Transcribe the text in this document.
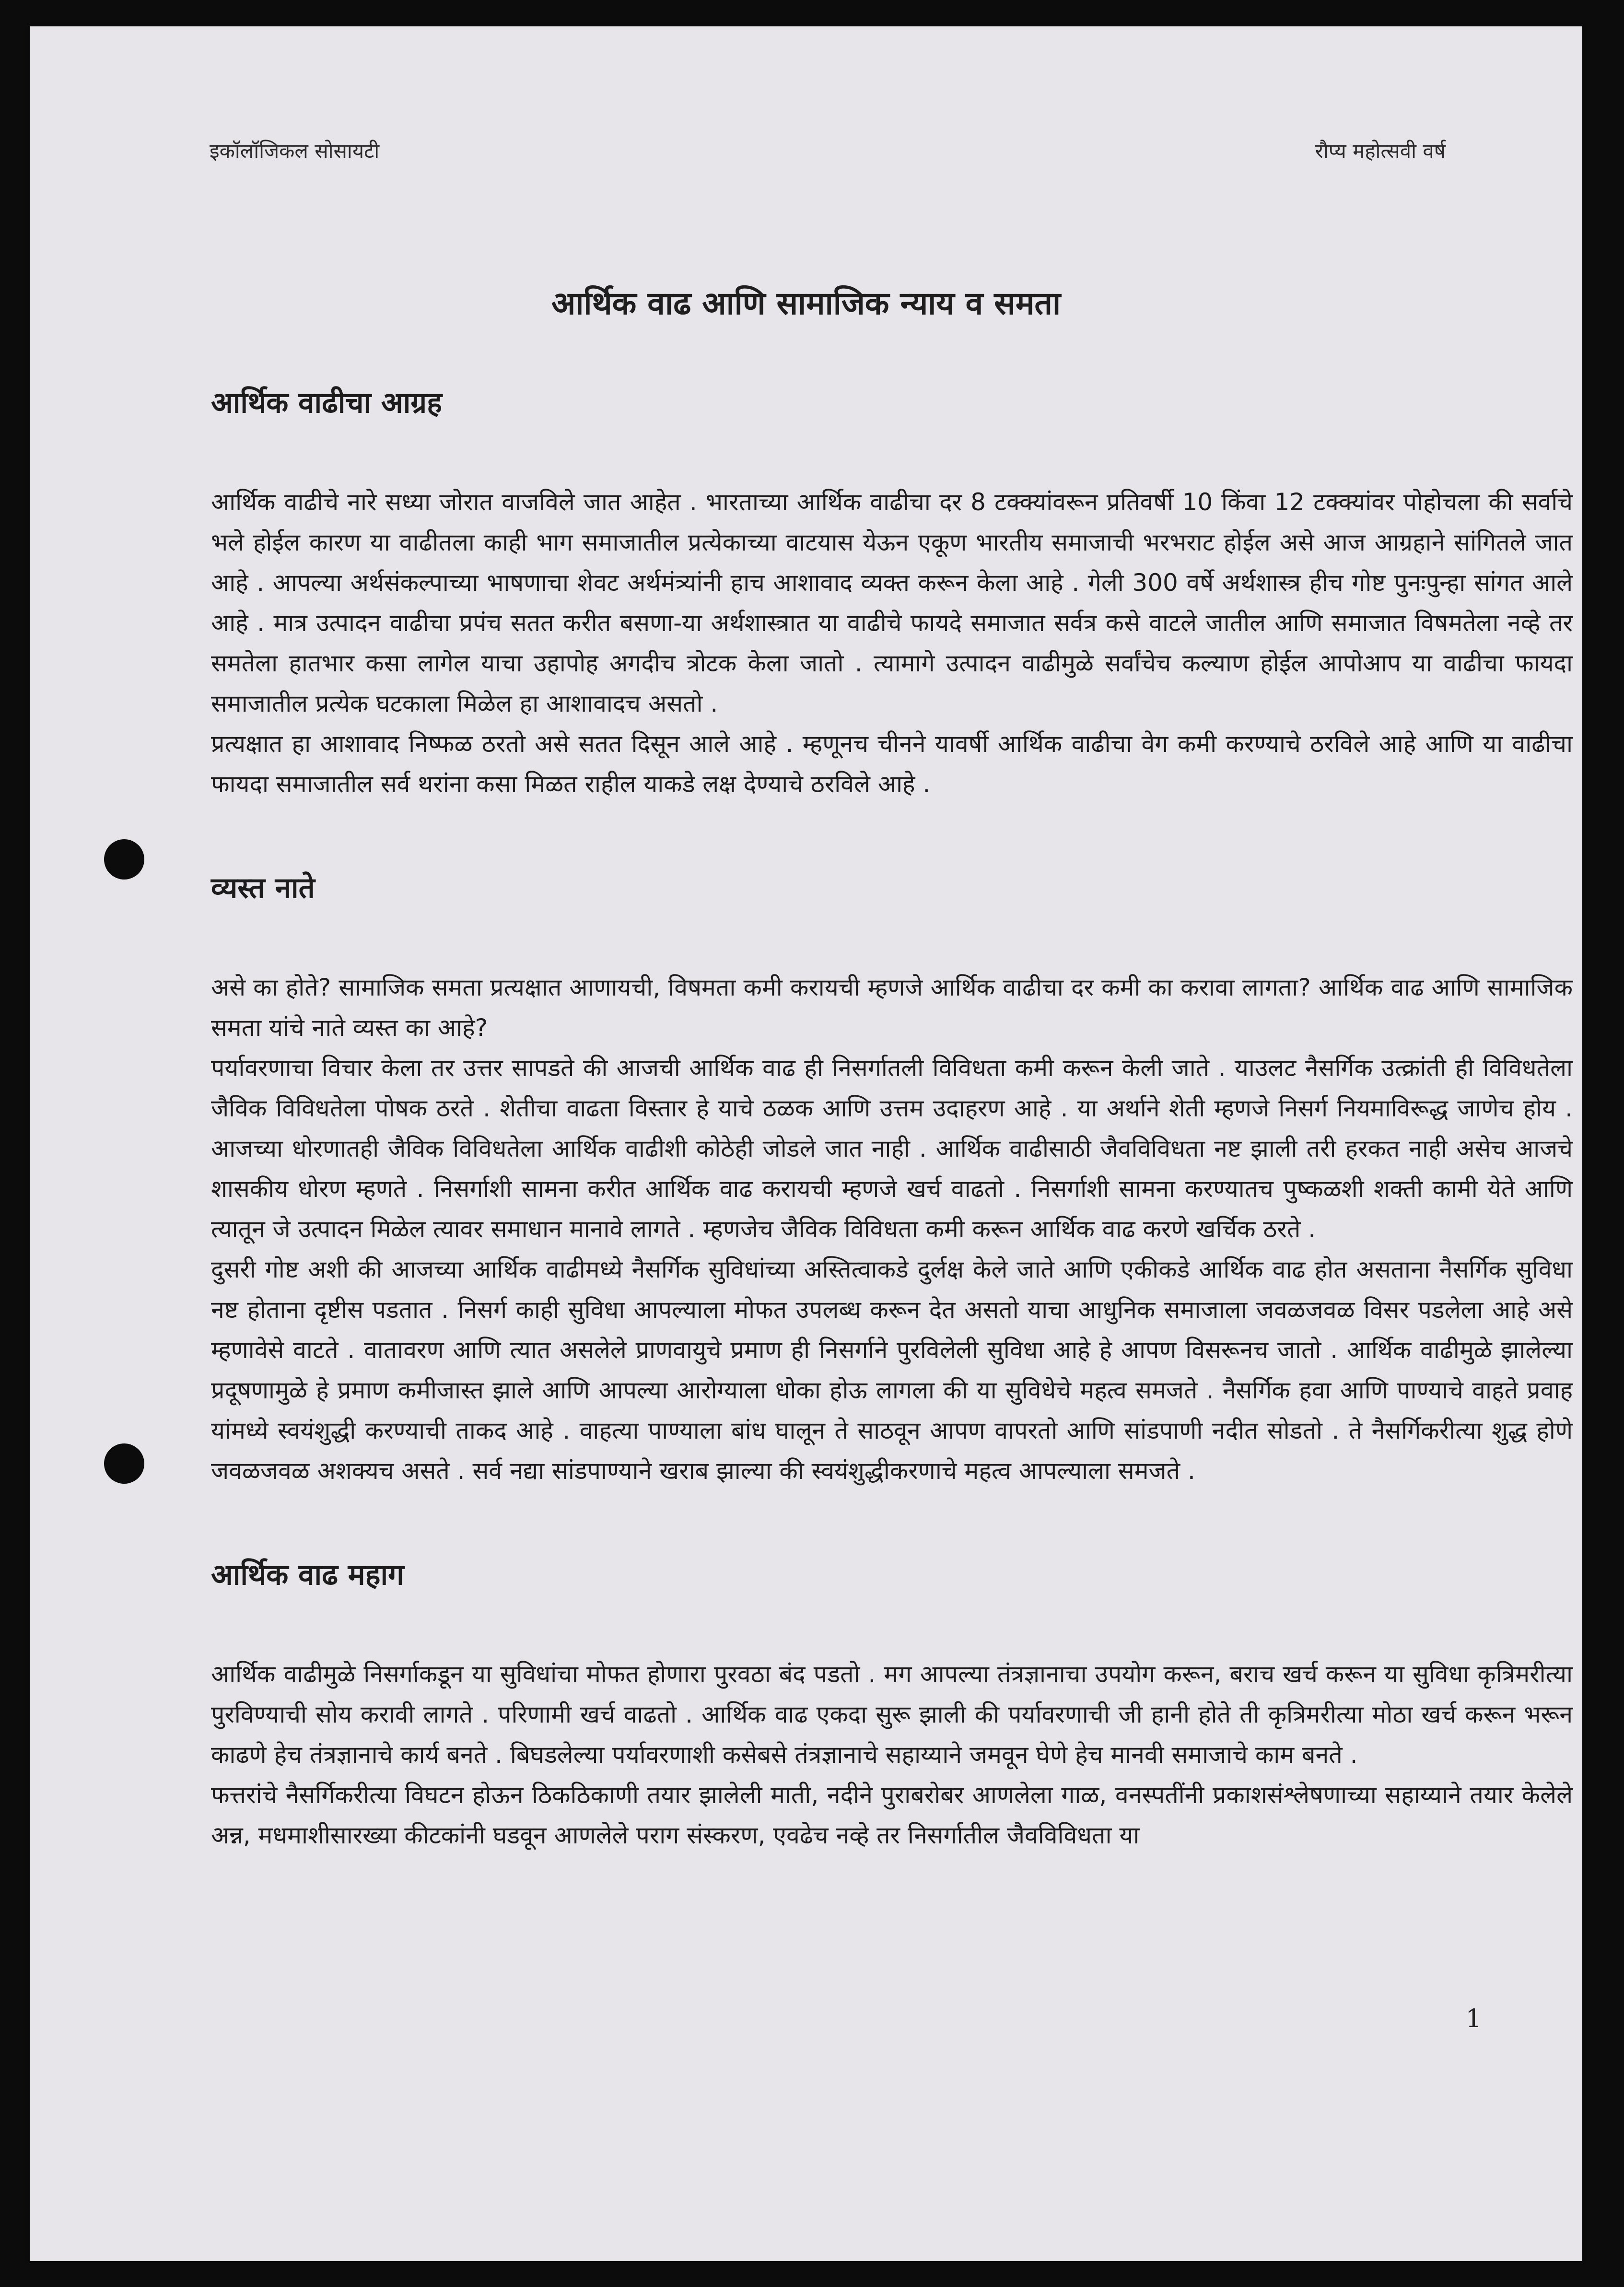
इकॉलॉजिकल सोसायटी	रौप्य महोत्सवी वर्ष
आर्थिक वाढ आणि सामाजिक न्याय व समता
आर्थिक वाढीचा आग्रह

आर्थिक वाढीचे नारे सध्या जोरात वाजविले जात आहेत . भारताच्या आर्थिक वाढीचा दर 8 टक्क्यांवरून प्रतिवर्षी 10 किंवा 12 टक्क्यांवर पोहोचला की सर्वाचे भले होईल कारण या वाढीतला काही भाग समाजातील प्रत्येकाच्या वाटयास येऊन एकूण भारतीय समाजाची भरभराट होईल असे आज आग्रहाने सांगितले जात आहे . आपल्या अर्थसंकल्पाच्या भाषणाचा शेवट अर्थमंत्र्यांनी हाच आशावाद व्यक्त करून केला आहे . गेली 300 वर्षे अर्थशास्त्र हीच गोष्ट पुनःपुन्हा सांगत आले आहे . मात्र उत्पादन वाढीचा प्रपंच सतत करीत बसणा-या अर्थशास्त्रात या वाढीचे फायदे समाजात सर्वत्र कसे वाटले जातील आणि समाजात विषमतेला नव्हे तर समतेला हातभार कसा लागेल याचा उहापोह अगदीच त्रोटक केला जातो . त्यामागे उत्पादन वाढीमुळे सर्वांचेच कल्याण होईल आपोआप या वाढीचा फायदा समाजातील प्रत्येक घटकाला मिळेल हा आशावादच असतो .

प्रत्यक्षात हा आशावाद निष्फळ ठरतो असे सतत दिसून आले आहे . म्हणूनच चीनने यावर्षी आर्थिक वाढीचा वेग कमी करण्याचे ठरविले आहे आणि या वाढीचा फायदा समाजातील सर्व थरांना कसा मिळत राहील याकडे लक्ष देण्याचे ठरविले आहे .

व्यस्त नाते

असे का होते? सामाजिक समता प्रत्यक्षात आणायची, विषमता कमी करायची म्हणजे आर्थिक वाढीचा दर कमी का करावा लागता? आर्थिक वाढ आणि सामाजिक समता यांचे नाते व्यस्त का आहे?

पर्यावरणाचा विचार केला तर उत्तर सापडते की आजची आर्थिक वाढ ही निसर्गातली विविधता कमी करून केली जाते . याउलट नैसर्गिक उत्क्रांती ही विविधतेला जैविक विविधतेला पोषक ठरते . शेतीचा वाढता विस्तार हे याचे ठळक आणि उत्तम उदाहरण आहे . या अर्थाने शेती म्हणजे निसर्ग नियमाविरूद्ध जाणेच होय . आजच्या धोरणातही जैविक विविधतेला आर्थिक वाढीशी कोठेही जोडले जात नाही . आर्थिक वाढीसाठी जैवविविधता नष्ट झाली तरी हरकत नाही असेच आजचे शासकीय धोरण म्हणते . निसर्गाशी सामना करीत आर्थिक वाढ करायची म्हणजे खर्च वाढतो . निसर्गाशी सामना करण्यातच पुष्कळशी शक्ती कामी येते आणि त्यातून जे उत्पादन मिळेल त्यावर समाधान मानावे लागते . म्हणजेच जैविक विविधता कमी करून आर्थिक वाढ करणे खर्चिक ठरते .

दुसरी गोष्ट अशी की आजच्या आर्थिक वाढीमध्ये नैसर्गिक सुविधांच्या अस्तित्वाकडे दुर्लक्ष केले जाते आणि एकीकडे आर्थिक वाढ होत असताना नैसर्गिक सुविधा नष्ट होताना दृष्टीस पडतात . निसर्ग काही सुविधा आपल्याला मोफत उपलब्ध करून देत असतो याचा आधुनिक समाजाला जवळजवळ विसर पडलेला आहे असे म्हणावेसे वाटते . वातावरण आणि त्यात असलेले प्राणवायुचे प्रमाण ही निसर्गाने पुरविलेली सुविधा आहे हे आपण विसरूनच जातो . आर्थिक वाढीमुळे झालेल्या प्रदूषणामुळे हे प्रमाण कमीजास्त झाले आणि आपल्या आरोग्याला धोका होऊ लागला की या सुविधेचे महत्व समजते . नैसर्गिक हवा आणि पाण्याचे वाहते प्रवाह यांमध्ये स्वयंशुद्धी करण्याची ताकद आहे . वाहत्या पाण्याला बांध घालून ते साठवून आपण वापरतो आणि सांडपाणी नदीत सोडतो . ते नैसर्गिकरीत्या शुद्ध होणे जवळजवळ अशक्यच असते . सर्व नद्या सांडपाण्याने खराब झाल्या की स्वयंशुद्धीकरणाचे महत्व आपल्याला समजते .

आर्थिक वाढ महाग

आर्थिक वाढीमुळे निसर्गाकडून या सुविधांचा मोफत होणारा पुरवठा बंद पडतो . मग आपल्या तंत्रज्ञानाचा उपयोग करून, बराच खर्च करून या सुविधा कृत्रिमरीत्या पुरविण्याची सोय करावी लागते . परिणामी खर्च वाढतो . आर्थिक वाढ एकदा सुरू झाली की पर्यावरणाची जी हानी होते ती कृत्रिमरीत्या मोठा खर्च करून भरून काढणे हेच तंत्रज्ञानाचे कार्य बनते . बिघडलेल्या पर्यावरणाशी कसेबसे तंत्रज्ञानाचे सहाय्याने जमवून घेणे हेच मानवी समाजाचे काम बनते .

फत्तरांचे नैसर्गिकरीत्या विघटन होऊन ठिकठिकाणी तयार झालेली माती, नदीने पुराबरोबर आणलेला गाळ, वनस्पतींनी प्रकाशसंश्लेषणाच्या सहाय्याने तयार केलेले अन्न, मधमाशीसारख्या कीटकांनी घडवून आणलेले पराग संस्करण, एवढेच नव्हे तर निसर्गातील जैवविविधता या

1
